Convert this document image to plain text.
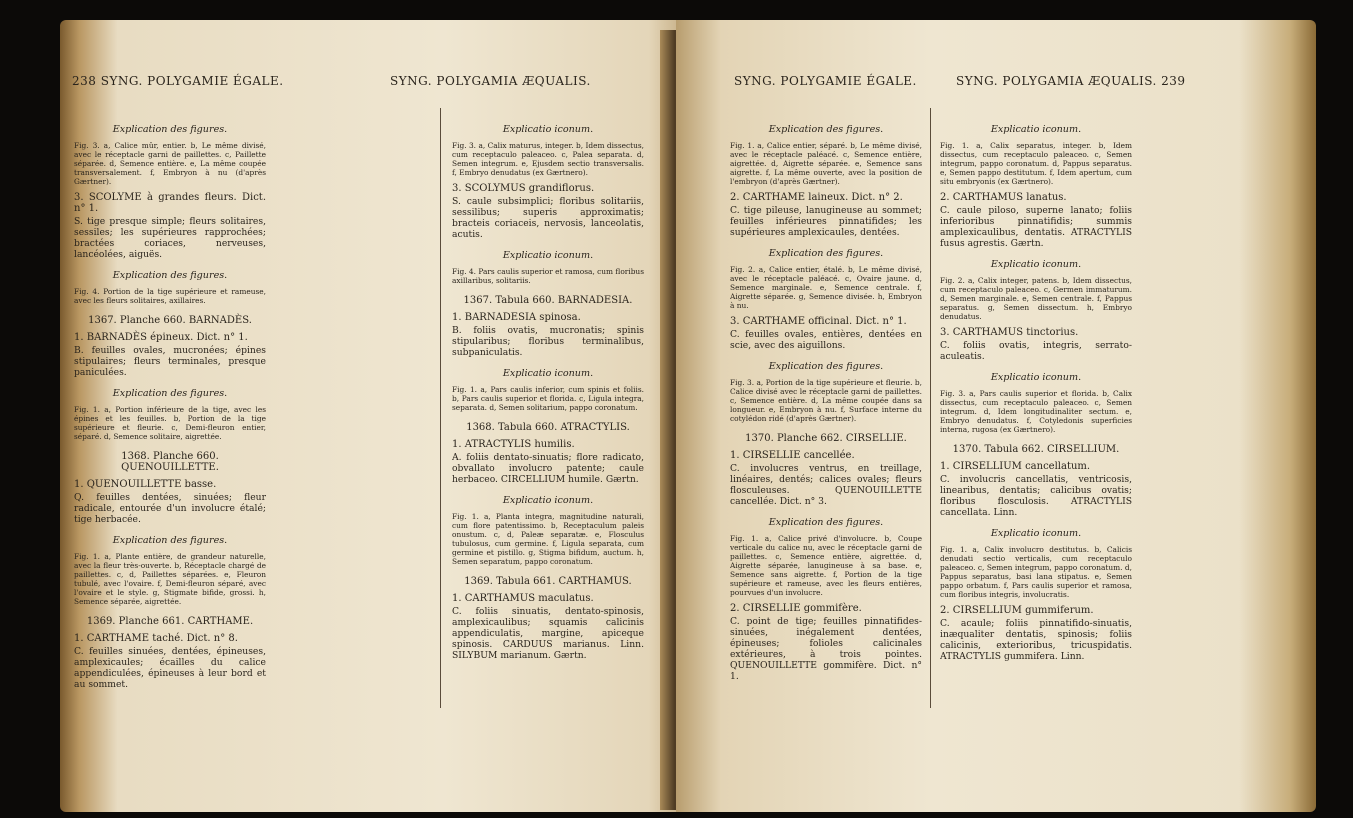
238 SYNG. POLYGAMIE ÉGALE.	SYNG. POLYGAMIA ÆQUALIS.
Explication des figures.
Fig. 3. a, Calice mûr, entier. b, Le même divisé, avec le réceptacle garni de paillettes. c, Paillette séparée. d, Semence entière. e, La même coupée transversalement. f, Embryon à nu (d'après Gærtner).
3. SCOLYME à grandes fleurs. Dict. n° 1.
S. tige presque simple; fleurs solitaires, sessiles; les supérieures rapprochées; bractées coriaces, nerveuses, lancéolées, aiguës.
Explication des figures.
Fig. 4. Portion de la tige supérieure et rameuse, avec les fleurs solitaires, axillaires.
1367. Planche 660. BARNADÈS.
1. BARNADÈS épineux. Dict. n° 1.
B. feuilles ovales, mucronées; épines stipulaires; fleurs terminales, presque paniculées.
Explication des figures.
Fig. 1. a, Portion inférieure de la tige, avec les épines et les feuilles. b, Portion de la tige supérieure et fleurie. c, Demi-fleuron entier, séparé. d, Semence solitaire, aigrettée.
1368. Planche 660. QUENOUILLETTE.
1. QUENOUILLETTE basse.
Q. feuilles dentées, sinuées; fleur radicale, entourée d'un involucre étalé; tige herbacée.
Explication des figures.
Fig. 1. a, Plante entière, de grandeur naturelle, avec la fleur très-ouverte. b, Réceptacle chargé de paillettes. c, d, Paillettes séparées. e, Fleuron tubulé, avec l'ovaire. f, Demi-fleuron séparé, avec l'ovaire et le style. g, Stigmate bifide, grossi. h, Semence séparée, aigrettée.
1369. Planche 661. CARTHAME.
1. CARTHAME taché. Dict. n° 8.
C. feuilles sinuées, dentées, épineuses, amplexicaules; écailles du calice appendiculées, épineuses à leur bord et au sommet.
Explicatio iconum.
Fig. 3. a, Calix maturus, integer. b, Idem dissectus, cum receptaculo paleaceo. c, Palea separata. d, Semen integrum. e, Ejusdem sectio transversalis. f, Embryo denudatus (ex Gærtnero).
3. SCOLYMUS grandiflorus.
S. caule subsimplici; floribus solitariis, sessilibus; superis approximatis; bracteis coriaceis, nervosis, lanceolatis, acutis.
Explicatio iconum.
Fig. 4. Pars caulis superior et ramosa, cum floribus axillaribus, solitariis.
1367. Tabula 660. BARNADESIA.
1. BARNADESIA spinosa.
B. foliis ovatis, mucronatis; spinis stipularibus; floribus terminalibus, subpaniculatis.
Explicatio iconum.
Fig. 1. a, Pars caulis inferior, cum spinis et foliis. b, Pars caulis superior et florida. c, Ligula integra, separata. d, Semen solitarium, pappo coronatum.
1368. Tabula 660. ATRACTYLIS.
1. ATRACTYLIS humilis.
A. foliis dentato-sinuatis; flore radicato, obvallato involucro patente; caule herbaceo. CIRCELLIUM humile. Gærtn.
Explicatio iconum.
Fig. 1. a, Planta integra, magnitudine naturali, cum flore patentissimo. b, Receptaculum paleis onustum. c, d, Paleæ separatæ. e, Flosculus tubulosus, cum germine. f, Ligula separata, cum germine et pistillo. g, Stigma bifidum, auctum. h, Semen separatum, pappo coronatum.
1369. Tabula 661. CARTHAMUS.
1. CARTHAMUS maculatus.
C. foliis sinuatis, dentato-spinosis, amplexicaulibus; squamis calicinis appendiculatis, margine, apiceque spinosis. CARDUUS marianus. Linn. SILYBUM marianum. Gærtn.
SYNG. POLYGAMIE ÉGALE.	SYNG. POLYGAMIA ÆQUALIS. 239
Explication des figures.
Fig. 1. a, Calice entier, séparé. b, Le même divisé, avec le réceptacle paléacé. c, Semence entière, aigrettée. d, Aigrette séparée. e, Semence sans aigrette. f, La même ouverte, avec la position de l'embryon (d'après Gærtner).
2. CARTHAME laineux. Dict. n° 2.
C. tige pileuse, lanugineuse au sommet; feuilles inférieures pinnatifides; les supérieures amplexicaules, dentées.
Explication des figures.
Fig. 2. a, Calice entier, étalé. b, Le même divisé, avec le réceptacle paléacé. c, Ovaire jaune. d, Semence marginale. e, Semence centrale. f, Aigrette séparée. g, Semence divisée. h, Embryon à nu.
3. CARTHAME officinal. Dict. n° 1.
C. feuilles ovales, entières, dentées en scie, avec des aiguillons.
Explication des figures.
Fig. 3. a, Portion de la tige supérieure et fleurie. b, Calice divisé avec le réceptacle garni de paillettes. c, Semence entière. d, La même coupée dans sa longueur. e, Embryon à nu. f, Surface interne du cotylédon ridé (d'après Gærtner).
1370. Planche 662. CIRSELLIE.
1. CIRSELLIE cancellée.
C. involucres ventrus, en treillage, linéaires, dentés; calices ovales; fleurs flosculeuses. QUENOUILLETTE cancellée. Dict. n° 3.
Explication des figures.
Fig. 1. a, Calice privé d'involucre. b, Coupe verticale du calice nu, avec le réceptacle garni de paillettes. c, Semence entière, aigrettée. d, Aigrette séparée, lanugineuse à sa base. e, Semence sans aigrette. f, Portion de la tige supérieure et rameuse, avec les fleurs entières, pourvues d'un involucre.
2. CIRSELLIE gommifère.
C. point de tige; feuilles pinnatifides-sinuées, inégalement dentées, épineuses; folioles calicinales extérieures, à trois pointes. QUENOUILLETTE gommifère. Dict. n° 1.
Explicatio iconum.
Fig. 1. a, Calix separatus, integer. b, Idem dissectus, cum receptaculo paleaceo. c, Semen integrum, pappo coronatum. d, Pappus separatus. e, Semen pappo destitutum. f, Idem apertum, cum situ embryonis (ex Gærtnero).
2. CARTHAMUS lanatus.
C. caule piloso, superne lanato; foliis inferioribus pinnatifidis; summis amplexicaulibus, dentatis. ATRACTYLIS fusus agrestis. Gærtn.
Explicatio iconum.
Fig. 2. a, Calix integer, patens. b, Idem dissectus, cum receptaculo paleaceo. c, Germen immaturum. d, Semen marginale. e, Semen centrale. f, Pappus separatus. g, Semen dissectum. h, Embryo denudatus.
3. CARTHAMUS tinctorius.
C. foliis ovatis, integris, serrato-aculeatis.
Explicatio iconum.
Fig. 3. a, Pars caulis superior et florida. b, Calix dissectus, cum receptaculo paleaceo. c, Semen integrum. d, Idem longitudinaliter sectum. e, Embryo denudatus. f, Cotyledonis superficies interna, rugosa (ex Gærtnero).
1370. Tabula 662. CIRSELLIUM.
1. CIRSELLIUM cancellatum.
C. involucris cancellatis, ventricosis, linearibus, dentatis; calicibus ovatis; floribus flosculosis. ATRACTYLIS cancellata. Linn.
Explicatio iconum.
Fig. 1. a, Calix involucro destitutus. b, Calicis denudati sectio verticalis, cum receptaculo paleaceo. c, Semen integrum, pappo coronatum. d, Pappus separatus, basi lana stipatus. e, Semen pappo orbatum. f, Pars caulis superior et ramosa, cum floribus integris, involucratis.
2. CIRSELLIUM gummiferum.
C. acaule; foliis pinnatifido-sinuatis, inæqualiter dentatis, spinosis; foliis calicinis, exterioribus, tricuspidatis. ATRACTYLIS gummifera. Linn.
